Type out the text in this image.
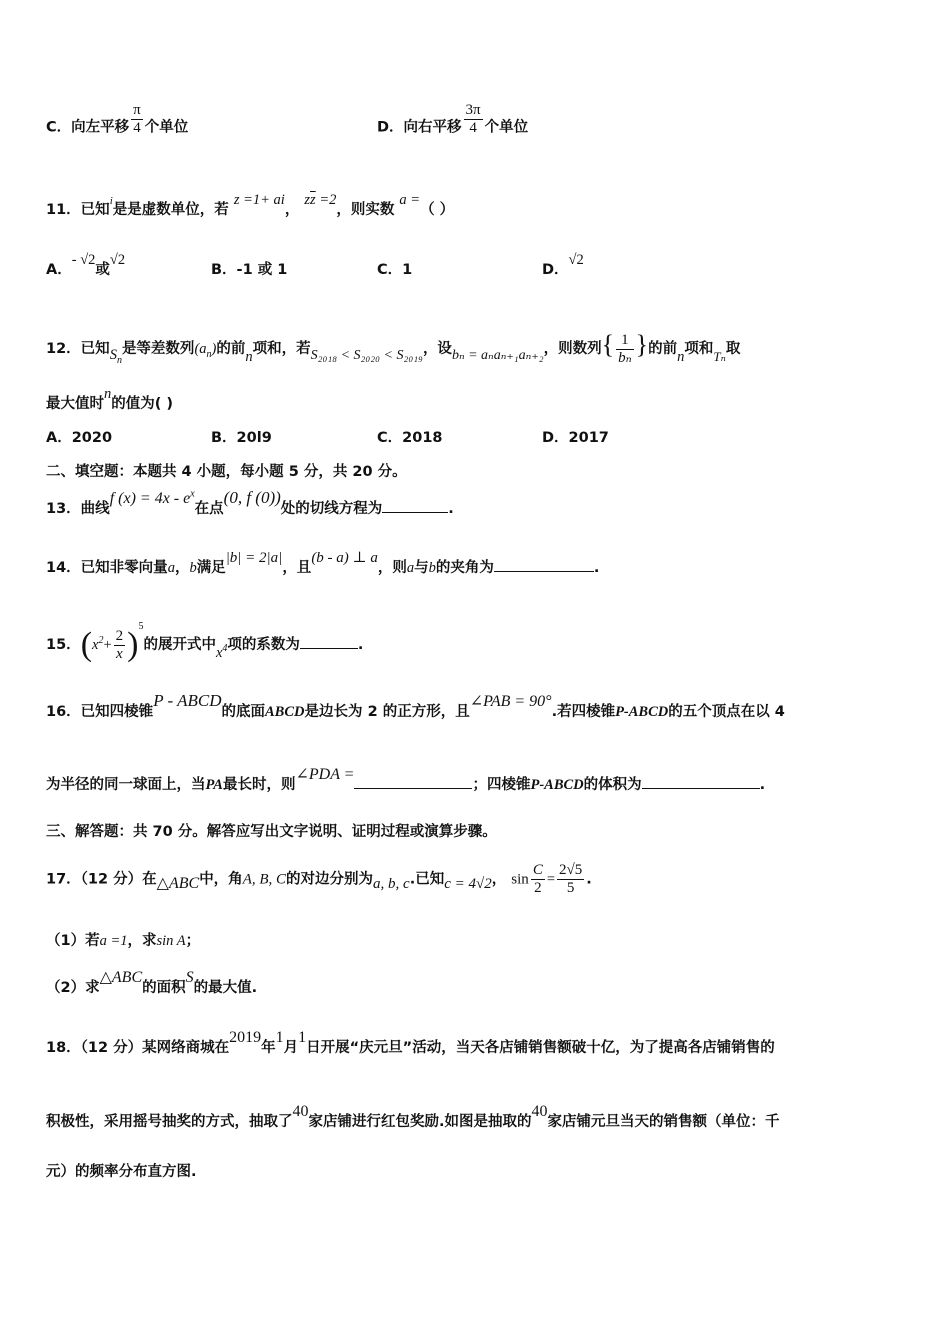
C．向左平移 $\frac{\pi}{4}$ 个单位	D．向右平移 $\frac{3\pi}{4}$ 个单位
11．已知$^i$是是虚数单位，若 z =1+ ai， $z\overline{z} =2$，则实数 a =（ ）
A．- √2或√2
B．-1 或 1	C．1	D．√2
12．已知$S_n$是等差数列$(a_n)$的前n项和，若S₂₀₁₈ < S₂₀₂₀ < S₂₀₁₉，设bₙ = aₙaₙ₊₁aₙ₊₂，则数列{ $\frac{1}{\text{bₙ}}$ }的前n项和Tₙ取
最大值时n的值为( )
A．2020	B．20l9	C．2018	D．2017
二、填空题：本题共 4 小题，每小题 5 分，共 20 分。
13．曲线f $(x) = 4x - e^x$在点(0, f (0))处的切线方程为	.
14．已知非零向量a，b满足|b| = 2|a|，且(b - a) ⊥ a，则a与b的夹角为	.
15．$(x^2+ \frac{2}{x} )^5$的展开式中$x^4$项的系数为	.
16．已知四棱锥P - ABCD的底面ABCD是边长为 2 的正方形，且∠PAB = 90°.若四棱锥P-ABCD的五个顶点在以 4
为半径的同一球面上，当PA最长时，则∠PDA =；四棱锥P-ABCD的体积为	.
三、解答题：共 70 分。解答应写出文字说明、证明过程或演算步骤。
17．（12 分）在△ABC中，角A, B, C的对边分别为a, b, c.已知c = 4√2， $\sin \frac{C}{2} = \frac{2√5}{5}$ .
（1）若a =1，求sin A；
（2）求△ABC的面积S的最大值.
18．（12 分）某网络商城在2019年1月1日开展“庆元旦”活动，当天各店铺销售额破十亿，为了提高各店铺销售的
积极性，采用摇号抽奖的方式，抽取了40家店铺进行红包奖励.如图是抽取的40家店铺元旦当天的销售额（单位：千
元）的频率分布直方图.
